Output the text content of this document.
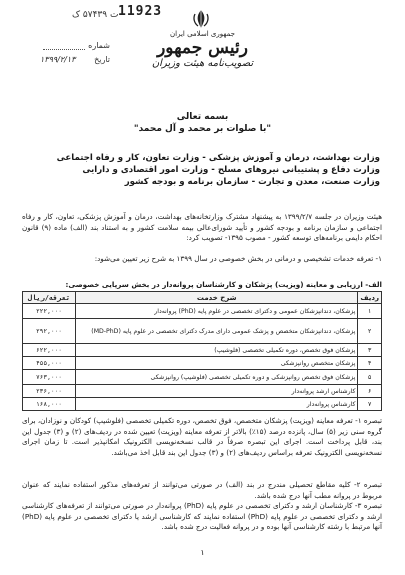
11923
ت ۵۷۴۳۹ ک
شماره
۱۳۹۹/۲/۱۳ تاریخ
جمهوری اسلامی ایران
رئیس جمهور
تصویب‌نامه هیئت وزیران
بسمه تعالی
"با صلوات بر محمد و آل محمد"
وزارت بهداشت، درمان و آموزش پزشکی - وزارت تعاون، کار و رفاه اجتماعی
وزارت دفاع و پشتیبانی نیروهای مسلح - وزارت امور اقتصادی و دارایی
وزارت صنعت، معدن و تجارت - سازمان برنامه و بودجه کشور
هیئت وزیران در جلسه ۱۳۹۹/۲/۷ به پیشنهاد مشترک وزارتخانه‌های بهداشت، درمان و آموزش پزشکی، تعاون، کار و رفاه اجتماعی و سازمان برنامه و بودجه کشور و تأیید شورای‌عالی بیمه سلامت کشور و به استناد بند (الف) ماده (۹) قانون احکام دایمی برنامه‌های توسعه کشور - مصوب ۱۳۹۵- تصویب کرد:
۱- تعرفه خدمات تشخیصی و درمانی در بخش خصوصی در سال ۱۳۹۹ به شرح زیر تعیین می‌شود:
الف- ارزیابی و معاینه (ویزیت) پزشکان و کارشناسان پروانه‌دار در بخش سرپایی خصوصی:
ردیف	شرح خدمت	تعرفه/ریال
۱	پزشکان، دندانپزشکان عمومی و دکترای تخصصی در علوم پایه (PhD) پروانه‌دار	۲۲۲,۰۰۰
۲	پزشکان، دندانپزشکان متخصص و پزشک عمومی دارای مدرک دکترای تخصصی در علوم پایه (MD-PhD)	۲۹۲,۰۰۰
۳	پزشکان فوق تخصص، دوره تکمیلی تخصصی (فلوشیپ)	۶۲۲,۰۰۰
۴	پزشکان متخصص روانپزشکی	۴۵۵,۰۰۰
۵	پزشکان فوق تخصص روانپزشکی و دوره تکمیلی تخصصی (فلوشیپ) روانپزشکی	۷۶۳,۰۰۰
۶	کارشناس ارشد پروانه‌دار	۲۳۶,۰۰۰
۷	کارشناس پروانه‌دار	۱۶۸,۰۰۰
تبصره ۱- تعرفه معاینه (ویزیت) پزشکان متخصص، فوق تخصص، دوره تکمیلی تخصصی (فلوشیپ) کودکان و نوزادان، برای گروه سنی زیر (۵) سال، پانزده درصد (۱۵٪) بالاتر از تعرفه معاینه (ویزیت) تعیین شده در ردیف‌های (۲) و (۳) جدول این بند، قابل پرداخت است. اجرای این تبصره صرفاً در قالب نسخه‌نویسی الکترونیک امکانپذیر است. تا زمان اجرای نسخه‌نویسی الکترونیک تعرفه براساس ردیف‌های (۲) و (۳) جدول این بند قابل اخذ می‌باشد.
تبصره ۲- کلیه مقاطع تحصیلی مندرج در بند (الف) در صورتی می‌توانند از تعرفه‌های مذکور استفاده نمایند که عنوان مربوط در پروانه مطب آنها درج شده باشد.
تبصره ۳- کارشناسان ارشد و دکترای تخصصی در علوم پایه (PhD) پروانه‌دار در صورتی می‌توانند از تعرفه‌های کارشناسی ارشد و دکترای تخصصی در علوم پایه (PhD) استفاده نمایند که کارشناسی ارشد یا دکترای تخصصی در علوم پایه (PhD) آنها مرتبط با رشته کارشناسی آنها بوده و در پروانه فعالیت درج شده باشد.
۱
